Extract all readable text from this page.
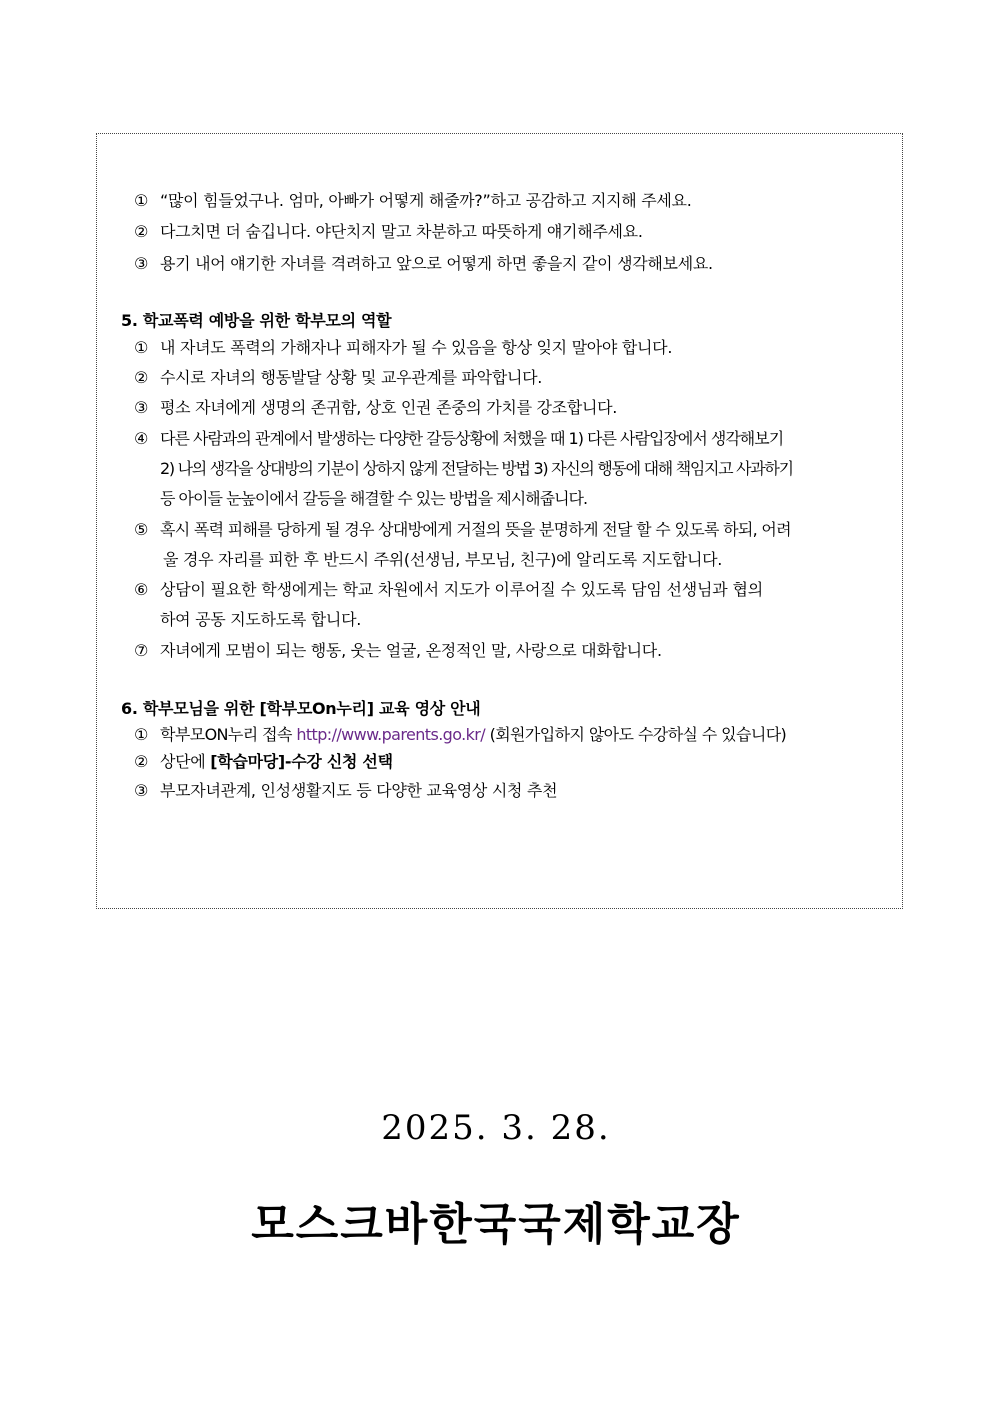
① “많이 힘들었구나. 엄마, 아빠가 어떻게 해줄까?”하고 공감하고 지지해 주세요.
② 다그치면 더 숨깁니다. 야단치지 말고 차분하고 따뜻하게 얘기해주세요.
③ 용기 내어 얘기한 자녀를 격려하고 앞으로 어떻게 하면 좋을지 같이 생각해보세요.
5. 학교폭력 예방을 위한 학부모의 역할
① 내 자녀도 폭력의 가해자나 피해자가 될 수 있음을 항상 잊지 말아야 합니다.
② 수시로 자녀의 행동발달 상황 및 교우관계를 파악합니다.
③ 평소 자녀에게 생명의 존귀함, 상호 인권 존중의 가치를 강조합니다.
④ 다른 사람과의 관계에서 발생하는 다양한 갈등상황에 처했을 때 1) 다른 사람입장에서 생각해보기
2) 나의 생각을 상대방의 기분이 상하지 않게 전달하는 방법 3) 자신의 행동에 대해 책임지고 사과하기
등 아이들 눈높이에서 갈등을 해결할 수 있는 방법을 제시해줍니다.
⑤ 혹시 폭력 피해를 당하게 될 경우 상대방에게 거절의 뜻을 분명하게 전달 할 수 있도록 하되, 어려
울 경우 자리를 피한 후 반드시 주위(선생님, 부모님, 친구)에 알리도록 지도합니다.
⑥ 상담이 필요한 학생에게는 학교 차원에서 지도가 이루어질 수 있도록 담임 선생님과 협의
하여 공동 지도하도록 합니다.
⑦ 자녀에게 모범이 되는 행동, 웃는 얼굴, 온정적인 말, 사랑으로 대화합니다.
6. 학부모님을 위한 [학부모On누리] 교육 영상 안내
① 학부모ON누리 접속 http://www.parents.go.kr/ (회원가입하지 않아도 수강하실 수 있습니다)
② 상단에 [학습마당]-수강 신청 선택
③ 부모자녀관계, 인성생활지도 등 다양한 교육영상 시청 추천
2025. 3. 28.
모스크바한국국제학교장
